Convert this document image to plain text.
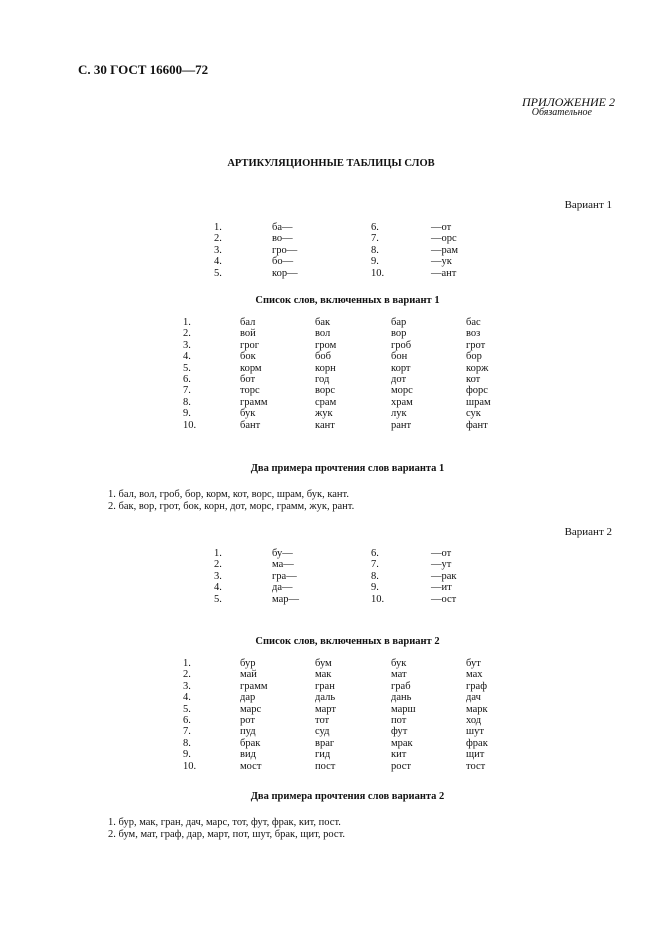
С. 30 ГОСТ 16600—72
ПРИЛОЖЕНИЕ 2
Обязательное
АРТИКУЛЯЦИОННЫЕ ТАБЛИЦЫ СЛОВ
Вариант 1
1.	ба—	6.	—от
2.	во—	7.	—орс
3.	гро—	8.	—рам
4.	бо—	9.	—ук
5.	кор—	10.	—ант
Список слов, включенных в вариант 1
1.	бал	бак	бар	бас
2.	вой	вол	вор	воз
3.	грог	гром	гроб	грот
4.	бок	боб	бон	бор
5.	корм	корн	корт	корж
6.	бот	год	дот	кот
7.	торс	ворс	морс	форс
8.	грамм	срам	храм	шрам
9.	бук	жук	лук	сук
10.	бант	кант	рант	фант
Два примера прочтения слов варианта 1
1. бал, вол, гроб, бор, корм, кот, ворс, шрам, бук, кант.
2. бак, вор, грот, бок, корн, дот, морс, грамм, жук, рант.
Вариант 2
1.	бу—	6.	—от
2.	ма—	7.	—ут
3.	гра—	8.	—рак
4.	да—	9.	—ит
5.	мар—	10.	—ост
Список слов, включенных в вариант 2
1.	бур	бум	бук	бут
2.	май	мак	мат	мах
3.	грамм	гран	граб	граф
4.	дар	даль	дань	дач
5.	марс	март	марш	марк
6.	рот	тот	пот	ход
7.	пуд	суд	фут	шут
8.	брак	враг	мрак	фрак
9.	вид	гид	кит	щит
10.	мост	пост	рост	тост
Два примера прочтения слов варианта 2
1. бур, мак, гран, дач, марс, тот, фут, фрак, кит, пост.
2. бум, мат, граф, дар, март, пот, шут, брак, щит, рост.
